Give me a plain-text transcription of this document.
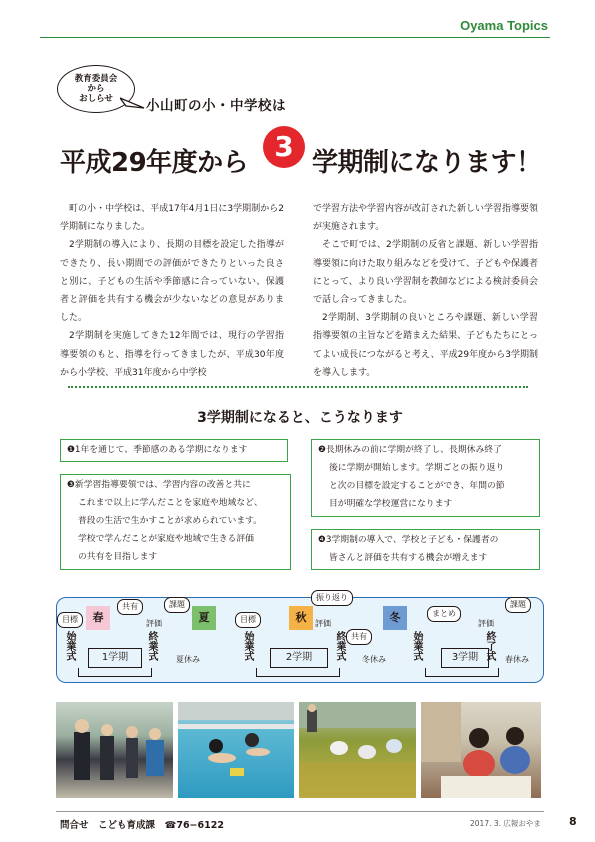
Oyama Topics
教育委員会
から
おしらせ	小山町の小・中学校は
平成29年度から 3 学期制になります！

町の小・中学校は、平成17年4月1日に3学期制から2学期制になりました。

2学期制の導入により、長期の目標を設定した指導ができたり、長い期間での評価ができたりといった良さと別に、子どもの生活や季節感に合っていない、保護者と評価を共有する機会が少ないなどの意見がありました。

2学期制を実施してきた12年間では、現行の学習指導要領のもと、指導を行ってきましたが、平成30年度から小学校、平成31年度から中学校

で学習方法や学習内容が改訂された新しい学習指導要領が実施されます。

そこで町では、2学期制の反省と課題、新しい学習指導要領に向けた取り組みなどを受けて、子どもや保護者にとって、より良い学習制を教師などによる検討委員会で話し合ってきました。

2学期制、3学期制の良いところや課題、新しい学習指導要領の主旨などを踏まえた結果、子どもたちにとってよい成長につながると考え、平成29年度から3学期制を導入します。

3学期制になると、こうなります
❶1年を通じて、季節感のある学期になります
❸新学習指導要領では、学習内容の改善と共に
これまで以上に学んだことを家庭や地域など、
普段の生活で生かすことが求められています。
学校で学んだことが家庭や地域で生きる評価
の共有を目指します
❷長期休みの前に学期が終了し、長期休み終了
後に学期が開始します。学期ごとの振り返り
と次の目標を設定することができ、年間の節
目が明確な学校運営になります
❹3学期制の導入で、学校と子ども・保護者の
皆さんと評価を共有する機会が増えます
春	夏	秋	冬
目標
共有
評価
課題
始業式	1学期
終業式 夏休み
目標
振り返り
評価
共有
始業式	2学期
終業式 冬休み
まとめ
評価
課題
始業式	3学期
終了式 春休み
問合せ　こども育成課　☎76−6122	2017. 3. 広報おやま	8
